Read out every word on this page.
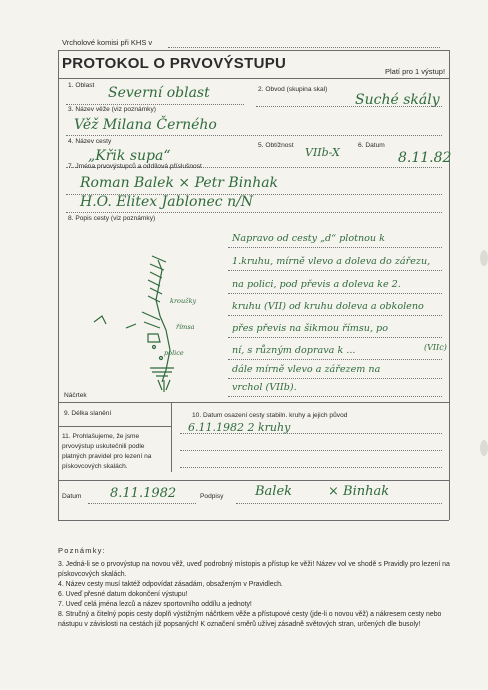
Vrcholové komisi při KHS v
PROTOKOL O PRVOVÝSTUPU	Platí pro 1 výstup!
1. Oblast Severní oblast	2. Obvod (skupina skal)
Suché skály
3. Název věže (viz poznámky)
Věž Milana Černého
4. Název cesty
„Křik supa“
5. Obtížnost
VIIb-X
6. Datum
8.11.82
7. Jména prvovýstupců a oddílová příslušnost
Roman Balek × Petr Binhak
H.O. Elitex Jablonec n/N
8. Popis cesty (viz poznámky)
Napravo od cesty „d“ plotnou k
1.kruhu, mírně vlevo a doleva do zářezu,
na polici, pod převis a doleva ke 2.
kruhu (VII) od kruhu doleva a obkoleno
přes převis na šikmou římsu, po
ní, s různým doprava k ...	(VIIc)
dále mírně vlevo a zářezem na
vrchol (VIIb).
kroužky
římsa
police
Náčrtek
9. Délka slanění	10. Datum osazení cesty stabiln. kruhy a jejich původ
6.11.1982 2 kruhy
11. Prohlašujeme, že jsme prvovýstup uskutečnili podle platných pravidel pro lezení na pískovcových skalách.
Datum 8.11.1982	Podpisy Balek	× Binhak
Poznámky:
3. Jedná-li se o prvovýstup na novou věž, uveď podrobný místopis a přístup ke věži! Název vol ve shodě s Pravidly pro lezení na pískovcových skalách.
4. Název cesty musí taktéž odpovídat zásadám, obsaženým v Pravidlech.
6. Uveď přesné datum dokončení výstupu!
7. Uveď celá jména lezců a název sportovního oddílu a jednoty!
8. Stručný a čitelný popis cesty doplň výstižným náčrtkem věže a přístupové cesty (jde-li o novou věž) a nákresem cesty nebo nástupu v závislosti na cestách již popsaných! K označení směrů užívej zásadně světových stran, určených dle busoly!
